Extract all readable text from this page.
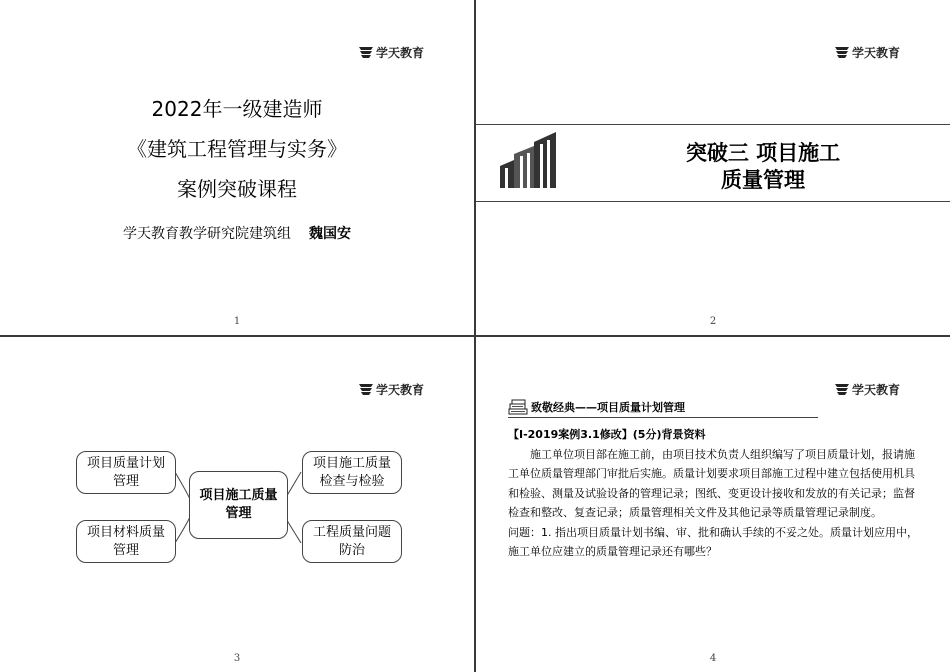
学天教育
2022年一级建造师
《建筑工程管理与实务》
案例突破课程
学天教育教学研究院建筑组 魏国安
1
学天教育
突破三 项目施工
质量管理
2
学天教育
项目质量计划
管理
项目材料质量
管理
项目施工质量
管理
项目施工质量
检查与检验
工程质量问题
防治
3
学天教育
致敬经典——项目质量计划管理

【Ⅰ-2019案例3.1修改】(5分)背景资料

施工单位项目部在施工前，由项目技术负责人组织编写了项目质量计划，报请施工单位质量管理部门审批后实施。质量计划要求项目部施工过程中建立包括使用机具和检验、测量及试验设备的管理记录；图纸、变更设计接收和发放的有关记录；监督检查和整改、复查记录；质量管理相关文件及其他记录等质量管理记录制度。

问题：1. 指出项目质量计划书编、审、批和确认手续的不妥之处。质量计划应用中，施工单位应建立的质量管理记录还有哪些？

4
